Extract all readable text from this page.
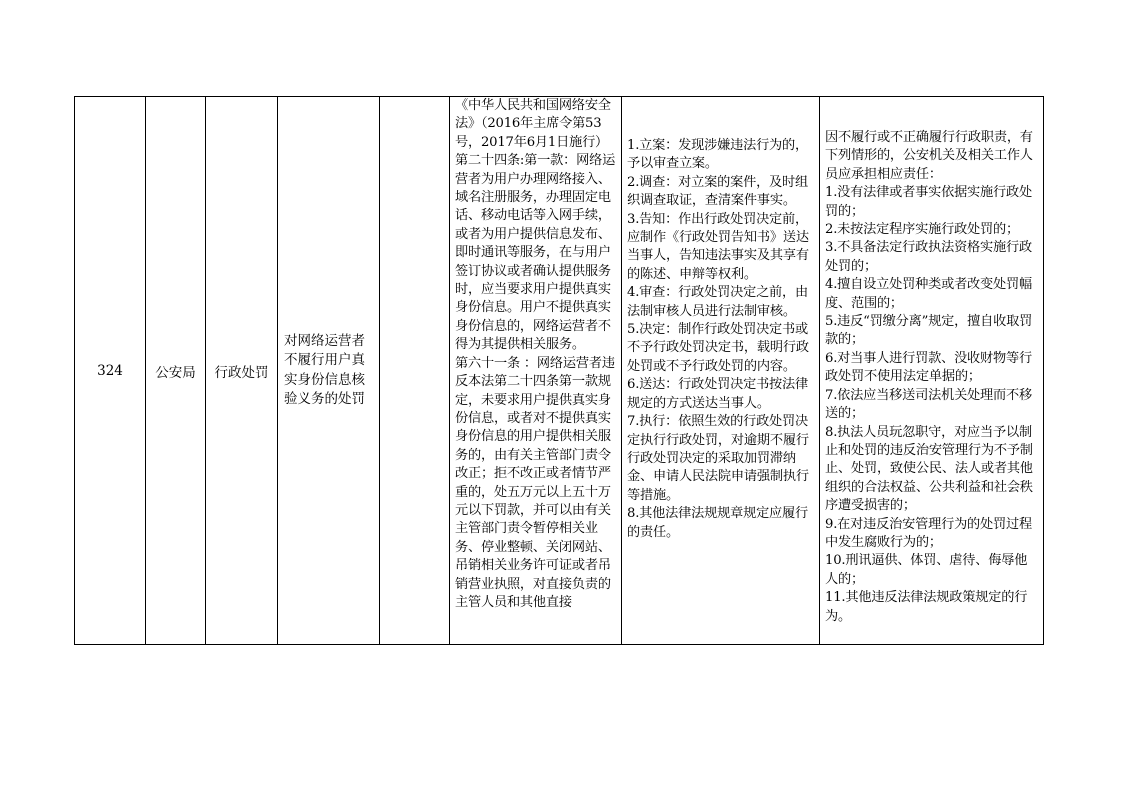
324	公安局	行政处罚
对网络运营者不履行用户真实身份信息核验义务的处罚
《中华人民共和国网络安全法》（2016年主席令第53号，2017年6月1日施行）第二十四条:第一款：网络运营者为用户办理网络接入、域名注册服务，办理固定电话、移动电话等入网手续，或者为用户提供信息发布、即时通讯等服务，在与用户签订协议或者确认提供服务时，应当要求用户提供真实身份信息。用户不提供真实身份信息的，网络运营者不得为其提供相关服务。
第六十一条 ：网络运营者违反本法第二十四条第一款规定，未要求用户提供真实身份信息，或者对不提供真实身份信息的用户提供相关服务的，由有关主管部门责令改正；拒不改正或者情节严重的，处五万元以上五十万元以下罚款，并可以由有关主管部门责令暂停相关业务、停业整顿、关闭网站、吊销相关业务许可证或者吊销营业执照，对直接负责的主管人员和其他直接
1.立案：发现涉嫌违法行为的，予以审查立案。
2.调查：对立案的案件，及时组织调查取证，查清案件事实。
3.告知：作出行政处罚决定前，应制作《行政处罚告知书》送达当事人，告知违法事实及其享有的陈述、申辩等权利。
4.审查：行政处罚决定之前，由法制审核人员进行法制审核。
5.决定：制作行政处罚决定书或不予行政处罚决定书，载明行政处罚或不予行政处罚的内容。
6.送达：行政处罚决定书按法律规定的方式送达当事人。
7.执行：依照生效的行政处罚决定执行行政处罚，对逾期不履行行政处罚决定的采取加罚滞纳金、申请人民法院申请强制执行等措施。
8.其他法律法规规章规定应履行的责任。
因不履行或不正确履行行政职责，有下列情形的，公安机关及相关工作人员应承担相应责任：
1.没有法律或者事实依据实施行政处罚的；
2.未按法定程序实施行政处罚的；
3.不具备法定行政执法资格实施行政处罚的；
4.擅自设立处罚种类或者改变处罚幅度、范围的；
5.违反“罚缴分离”规定，擅自收取罚款的；
6.对当事人进行罚款、没收财物等行政处罚不使用法定单据的；
7.依法应当移送司法机关处理而不移送的；
8.执法人员玩忽职守，对应当予以制止和处罚的违反治安管理行为不予制止、处罚，致使公民、法人或者其他组织的合法权益、公共利益和社会秩序遭受损害的；
9.在对违反治安管理行为的处罚过程中发生腐败行为的；
10.刑讯逼供、体罚、虐待、侮辱他人的；
11.其他违反法律法规政策规定的行为。
